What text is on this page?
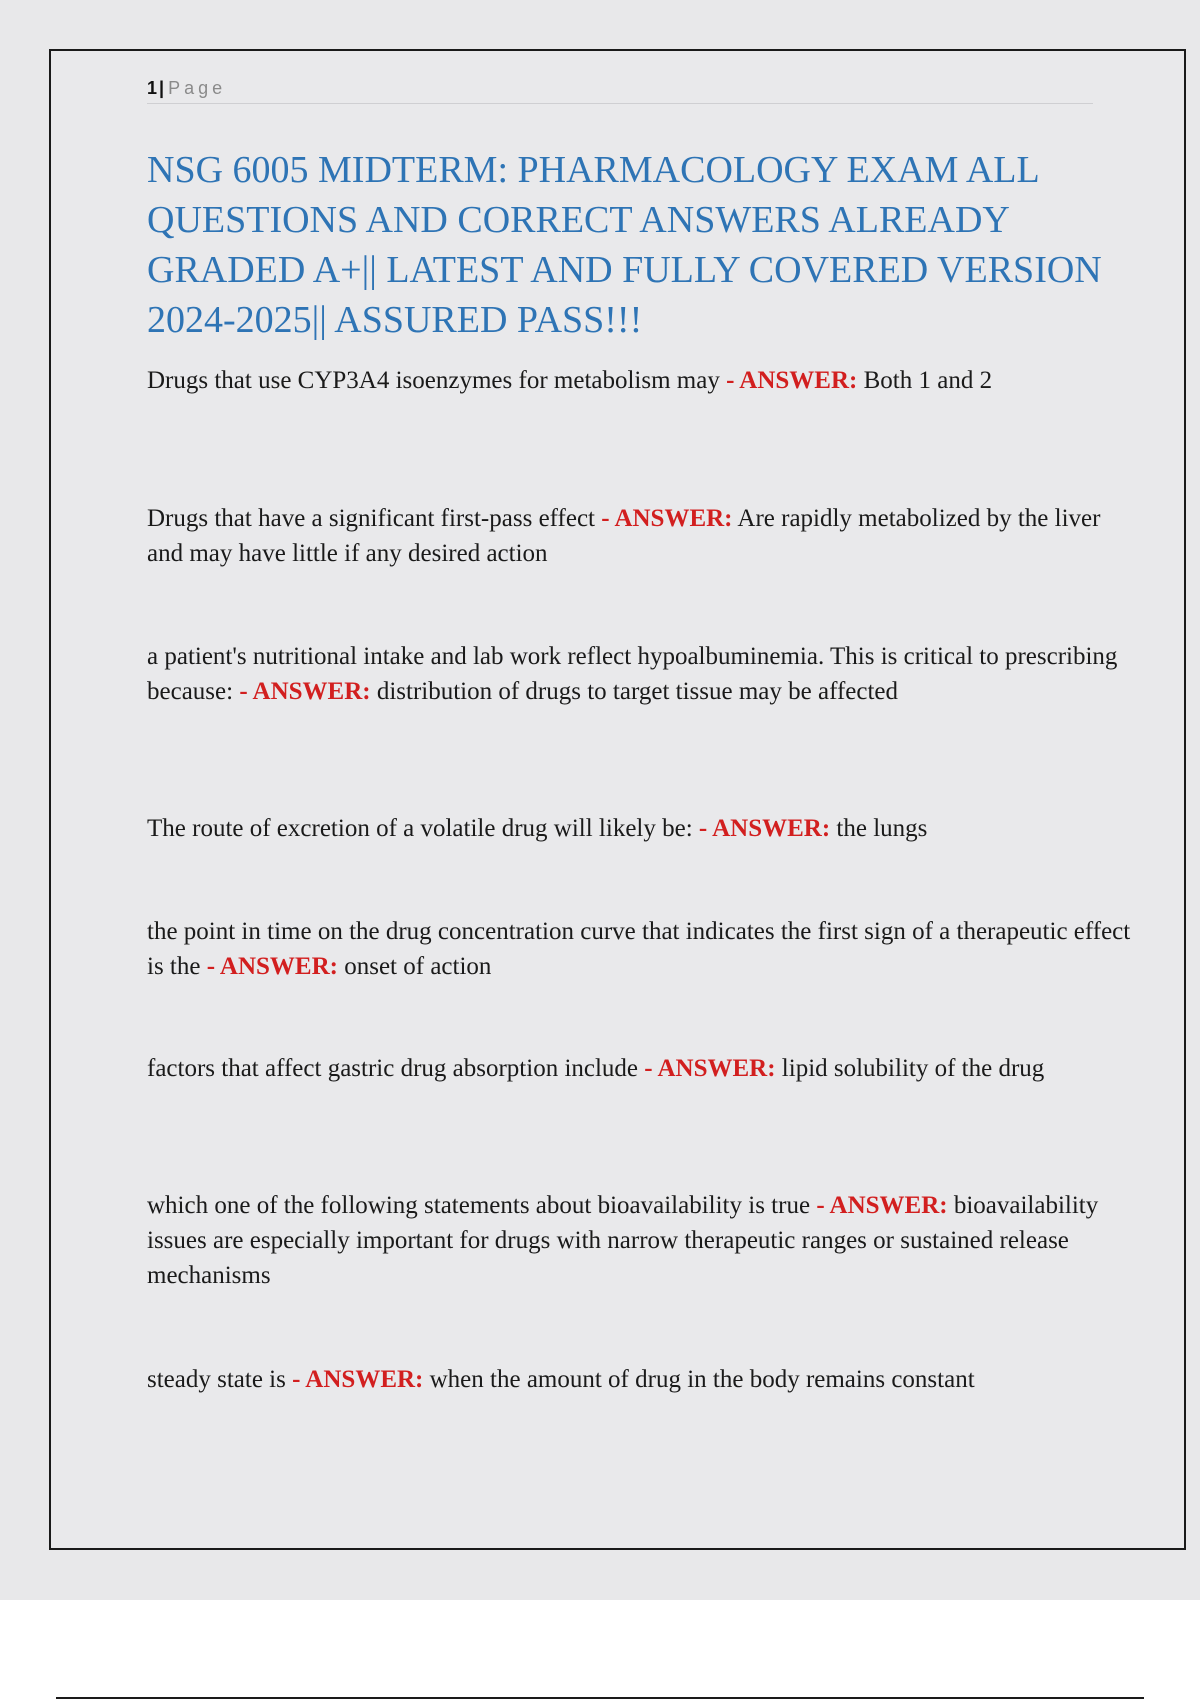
1 | Page
NSG 6005 MIDTERM: PHARMACOLOGY EXAM ALL QUESTIONS AND CORRECT ANSWERS ALREADY GRADED A+|| LATEST AND FULLY COVERED VERSION 2024-2025|| ASSURED PASS!!!

Drugs that use CYP3A4 isoenzymes for metabolism may - ANSWER: Both 1 and 2

Drugs that have a significant first-pass effect - ANSWER: Are rapidly metabolized by the liver and may have little if any desired action

a patient's nutritional intake and lab work reflect hypoalbuminemia. This is critical to prescribing because: - ANSWER: distribution of drugs to target tissue may be affected

The route of excretion of a volatile drug will likely be: - ANSWER: the lungs

the point in time on the drug concentration curve that indicates the first sign of a therapeutic effect is the - ANSWER: onset of action

factors that affect gastric drug absorption include - ANSWER: lipid solubility of the drug

which one of the following statements about bioavailability is true - ANSWER: bioavailability issues are especially important for drugs with narrow therapeutic ranges or sustained release mechanisms

steady state is - ANSWER: when the amount of drug in the body remains constant
